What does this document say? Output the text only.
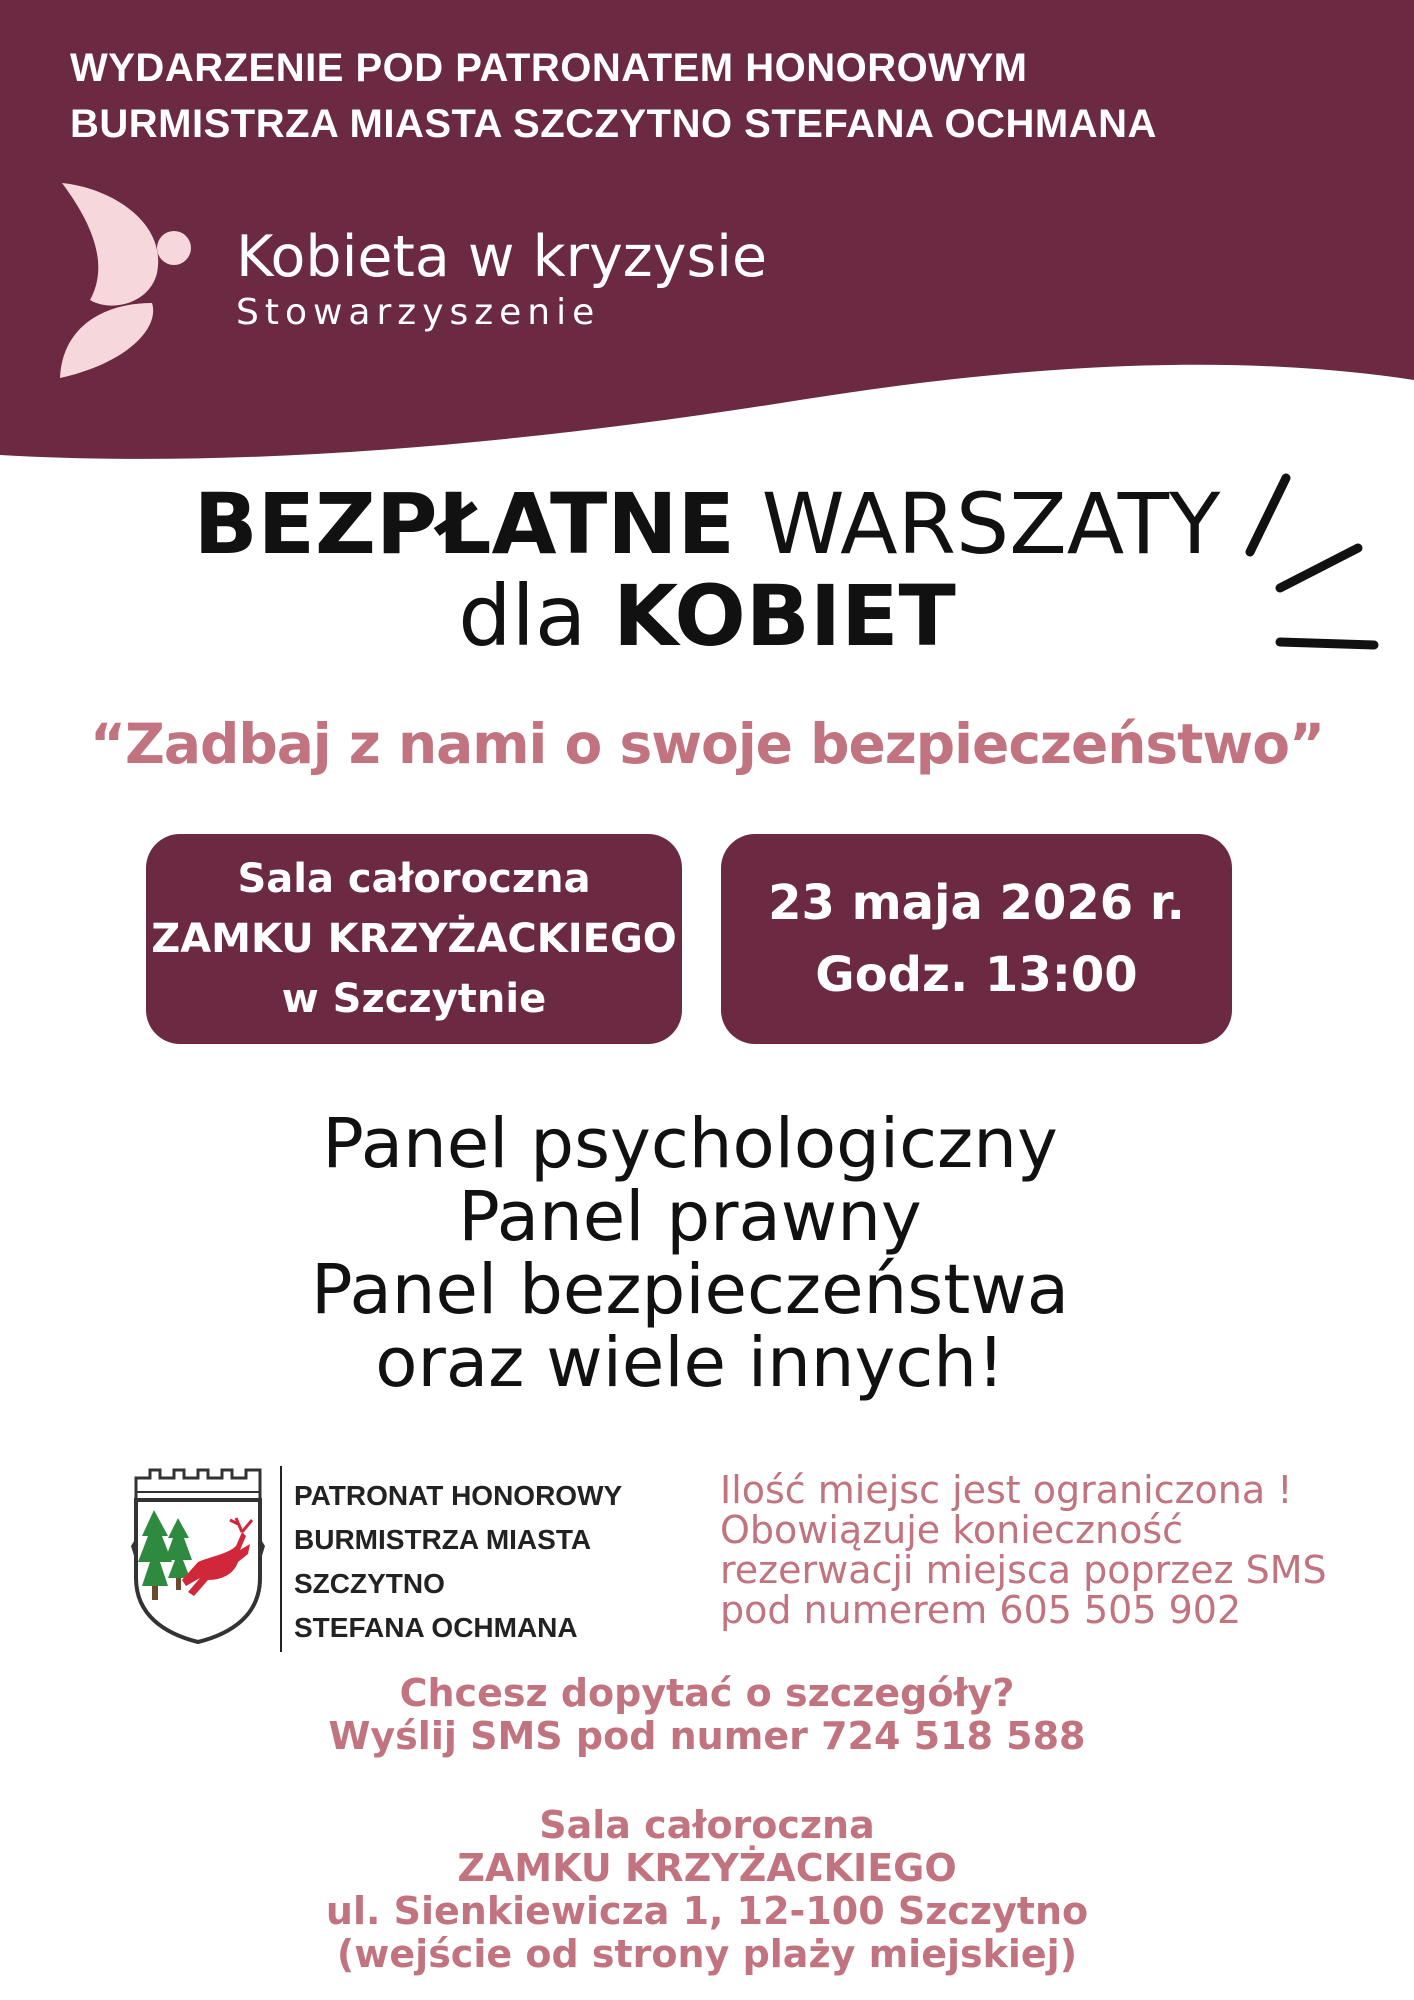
WYDARZENIE POD PATRONATEM HONOROWYM
BURMISTRZA MIASTA SZCZYTNO STEFANA OCHMANA
Kobieta w kryzysie

Stowarzyszenie

BEZPŁATNE WARSZATY
dla KOBIET

“Zadbaj z nami o swoje bezpieczeństwo”

Sala całoroczna
ZAMKU KRZYŻACKIEGO
w Szczytnie
23 maja 2026 r.
Godz. 13:00
Panel psychologiczny
Panel prawny
Panel bezpieczeństwa
oraz wiele innych!
PATRONAT HONOROWY
BURMISTRZA MIASTA
SZCZYTNO
STEFANA OCHMANA
Ilość miejsc jest ograniczona !
Obowiązuje konieczność
rezerwacji miejsca poprzez SMS
pod numerem 605 505 902
Chcesz dopytać o szczegóły?
Wyślij SMS pod numer 724 518 588
Sala całoroczna
ZAMKU KRZYŻACKIEGO
ul. Sienkiewicza 1, 12-100 Szczytno
(wejście od strony plaży miejskiej)
